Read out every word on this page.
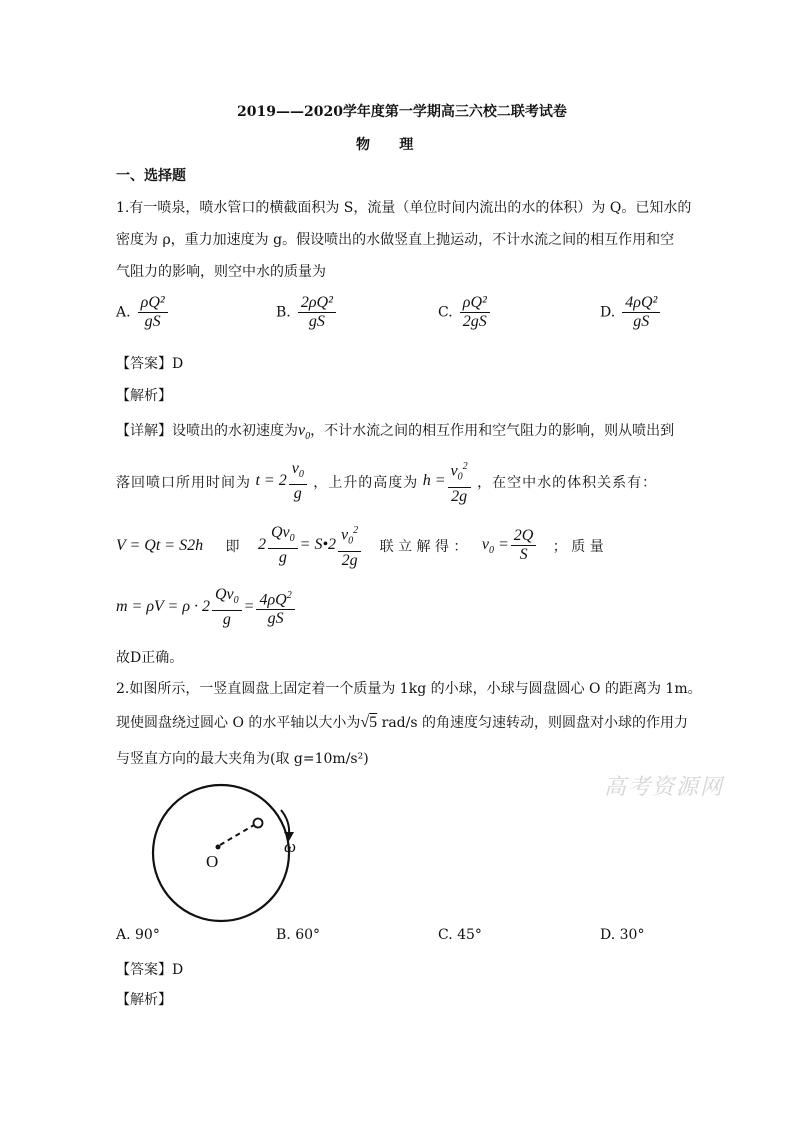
2019——2020学年度第一学期高三六校二联考试卷
物      理
一、选择题
1.有一喷泉，喷水管口的横截面积为 S，流量（单位时间内流出的水的体积）为 Q。已知水的
密度为 ρ，重力加速度为 g。假设喷出的水做竖直上抛运动，不计水流之间的相互作用和空
气阻力的影响，则空中水的质量为
A. $\frac{\text{ρQ²}}{gS}$	B. $\frac{\text{2ρQ²}}{gS}$	C. $\frac{\text{ρQ²}}{2gS}$	D. $\frac{\text{4ρQ²}}{gS}$
【答案】D
【解析】
【详解】设喷出的水初速度为$v_0$，不计水流之间的相互作用和空气阻力的影响，则从喷出到
落回喷口所用时间为 $t = 2 \frac{v_0}{g}$ ，上升的高度为 $h = \frac{v_0^2}{2g}$ ，在空中水的体积关系有：
V = Qt = S2h 即 $2 \frac{Qv_0}{g}$ = S•2 $\frac{v_0^2}{2g}$ 联 立 解 得 ： $v_0 = \frac{2Q}{S}$ ； 质 量
$m = \rho V = \rho \cdot 2 \frac{Qv_0}{g} = \frac{4\rho Q^2}{gS}$
故D正确。
2.如图所示，一竖直圆盘上固定着一个质量为 1kg 的小球，小球与圆盘圆心 O 的距离为 1m。
现使圆盘绕过圆心 O 的水平轴以大小为√5 rad/s 的角速度匀速转动，则圆盘对小球的作用力
与竖直方向的最大夹角为(取 g=10m/s²)
高考资源网
O
ω
A. 90°	B. 60°	C. 45°	D. 30°
【答案】D
【解析】
